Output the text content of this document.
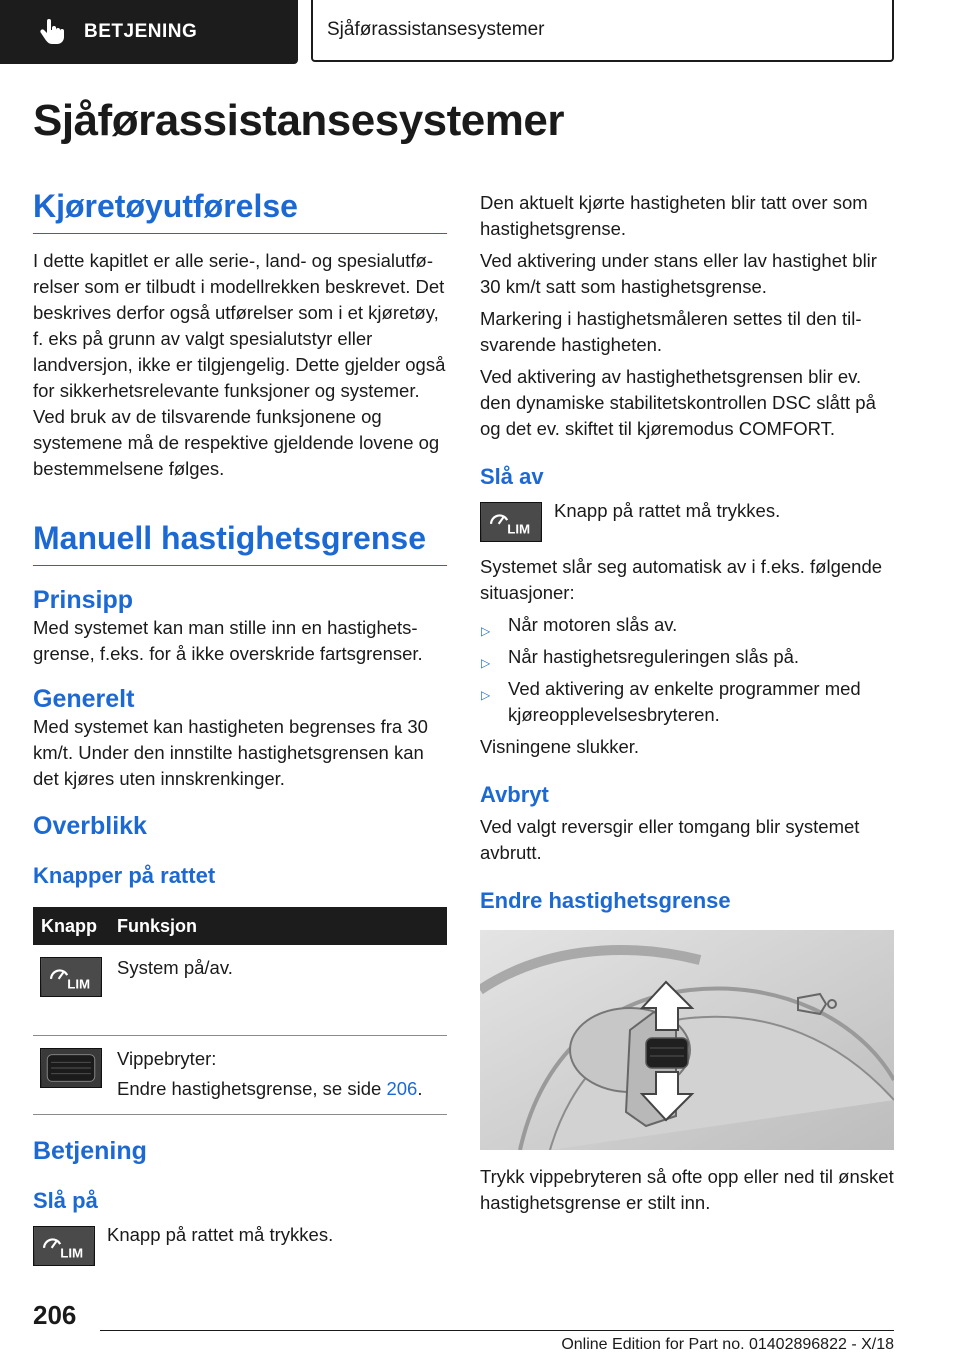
BETJENING	Sjåførassistansesystemer
Sjåførassistansesystemer
Kjøretøyutførelse

I dette kapitlet er alle serie-, land- og spesialutførelser som er tilbudt i modellrekken beskrevet. Det beskrives derfor også utførelser som i et kjøretøy, f. eks på grunn av valgt spesialutstyr eller landversjon, ikke er tilgjengelig. Dette gjelder også for sikkerhetsrelevante funksjoner og systemer. Ved bruk av de tilsvarende funksjonene og systemene må de respektive gjeldende lovene og bestemmelsene følges.

Manuell hastighetsgrense
Prinsipp

Med systemet kan man stille inn en hastighetsgrense, f.eks. for å ikke overskride fartsgrenser.

Generelt

Med systemet kan hastigheten begrenses fra 30 km/t. Under den innstilte hastighetsgrensen kan det kjøres uten innskrenkinger.

Overblikk
Knapper på rattet
Knapp	Funksjon
LIM

System på/av.

Vippebryter:

Endre hastighetsgrense, se side 206.

Betjening
Slå på
LIM

Knapp på rattet må trykkes.

Den aktuelt kjørte hastigheten blir tatt over som hastighetsgrense.

Ved aktivering under stans eller lav hastighet blir 30 km/t satt som hastighetsgrense.

Markering i hastighetsmåleren settes til den tilsvarende hastigheten.

Ved aktivering av hastighethetsgrensen blir ev. den dynamiske stabilitetskontrollen DSC slått på og det ev. skiftet til kjøremodus COMFORT.

Slå av
LIM

Knapp på rattet må trykkes.

Systemet slår seg automatisk av i f.eks. følgende situasjoner:

▷ Når motoren slås av.
▷ Når hastighetsreguleringen slås på.
▷ Ved aktivering av enkelte programmer med kjøreopplevelsesbryteren.

Visningene slukker.

Avbryt

Ved valgt reversgir eller tomgang blir systemet avbrutt.

Endre hastighetsgrense

Trykk vippebryteren så ofte opp eller ned til ønsket hastighetsgrense er stilt inn.

206
Online Edition for Part no. 01402896822 - X/18
